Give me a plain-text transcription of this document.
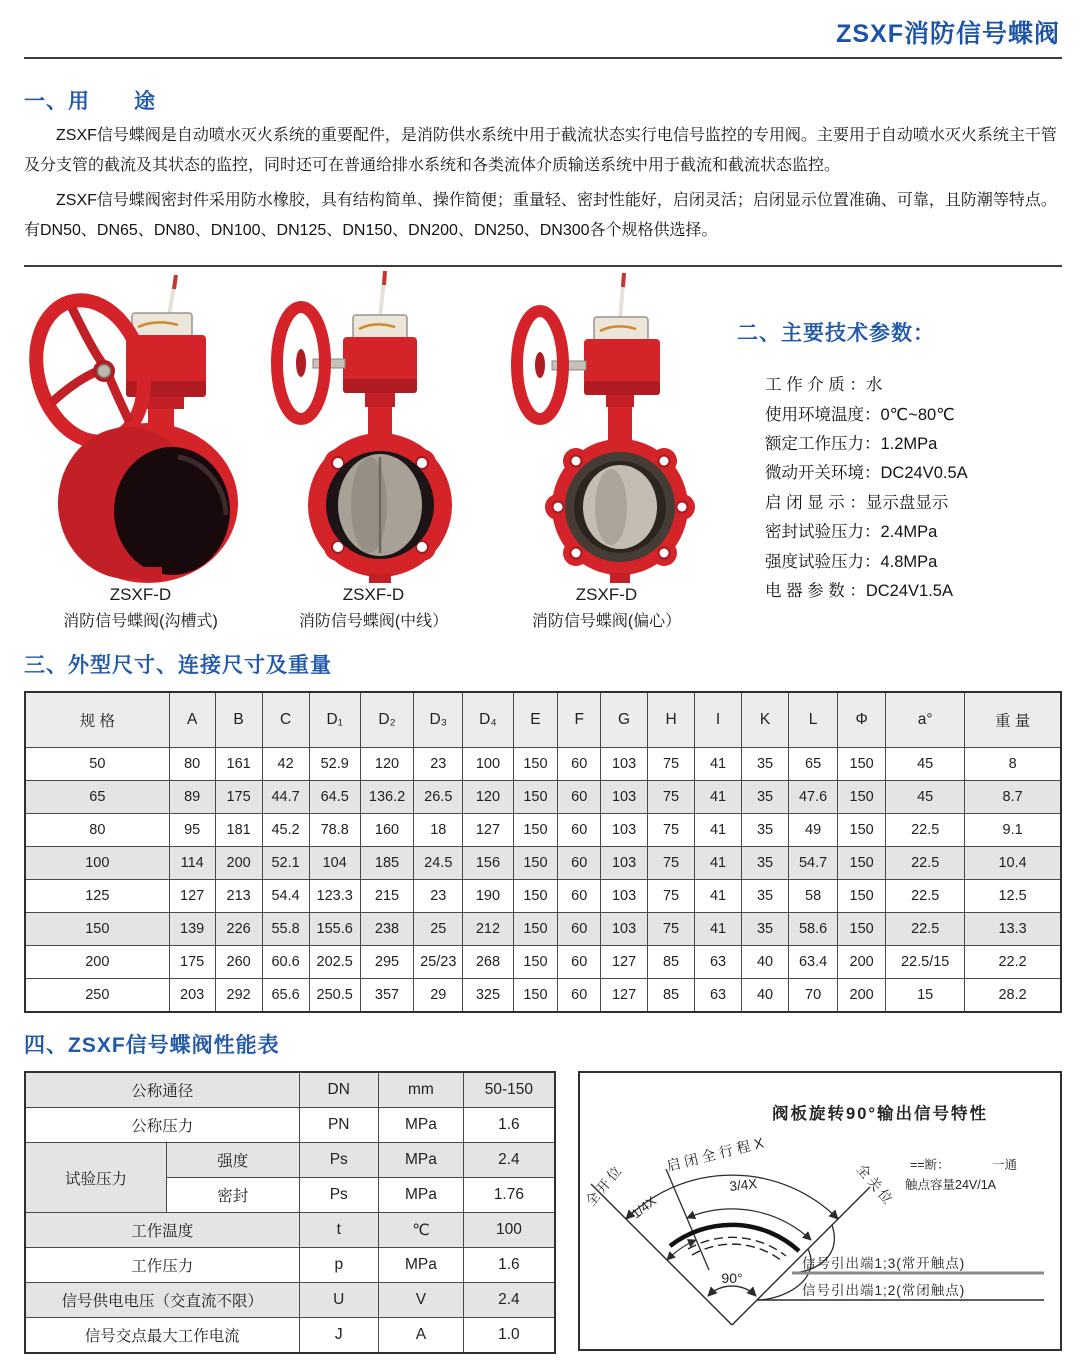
ZSXF消防信号蝶阀
一、用　　途

ZSXF信号蝶阀是自动喷水灭火系统的重要配件，是消防供水系统中用于截流状态实行电信号监控的专用阀。主要用于自动喷水灭火系统主干管及分支管的截流及其状态的监控，同时还可在普通给排水系统和各类流体介质输送系统中用于截流和截流状态监控。

ZSXF信号蝶阀密封件采用防水橡胶，具有结构简单、操作简便；重量轻、密封性能好，启闭灵活；启闭显示位置准确、可靠，且防潮等特点。有DN50、DN65、DN80、DN100、DN125、DN150、DN200、DN250、DN300各个规格供选择。

ZSXF-D
消防信号蝶阀(沟槽式)
ZSXF-D
消防信号蝶阀(中线）
ZSXF-D
消防信号蝶阀(偏心）
二、主要技术参数：
工 作 介 质 ：水
使用环境温度：0℃~80℃
额定工作压力：1.2MPa
微动开关环境：DC24V0.5A
启 闭 显 示 ：显示盘显示
密封试验压力：2.4MPa
强度试验压力：4.8MPa
电 器 参 数 ：DC24V1.5A
三、外型尺寸、连接尺寸及重量
规 格	A	B	C	D₁	D₂	D₃	D₄	E	F	G	H	I	K	L	Φ	a°	重 量
50	80	161	42	52.9	120	23	100	150	60	103	75	41	35	65	150	45	8
65	89	175	44.7	64.5	136.2	26.5	120	150	60	103	75	41	35	47.6	150	45	8.7
80	95	181	45.2	78.8	160	18	127	150	60	103	75	41	35	49	150	22.5	9.1
100	114	200	52.1	104	185	24.5	156	150	60	103	75	41	35	54.7	150	22.5	10.4
125	127	213	54.4	123.3	215	23	190	150	60	103	75	41	35	58	150	22.5	12.5
150	139	226	55.8	155.6	238	25	212	150	60	103	75	41	35	58.6	150	22.5	13.3
200	175	260	60.6	202.5	295	25/23	268	150	60	127	85	63	40	63.4	200	22.5/15	22.2
250	203	292	65.6	250.5	357	29	325	150	60	127	85	63	40	70	200	15	28.2
四、ZSXF信号蝶阀性能表
公称通径		DN	mm	50-150
公称压力		PN	MPa	1.6
试验压力	强度	Ps	MPa	2.4
	密封	Ps	MPa	1.76
工作温度		t	℃	100
工作压力		p	MPa	1.6
信号供电电压（交直流不限）		U	V	2.4
信号交点最大工作电流		J	A	1.0
阀板旋转90°输出信号特性
90°
信号引出端1;3(常开触点)
信号引出端1;2(常闭触点)
==断：	一通
触点容量24V/1A
启闭全行程X
3/4X
1/4X
全开位	全关位
